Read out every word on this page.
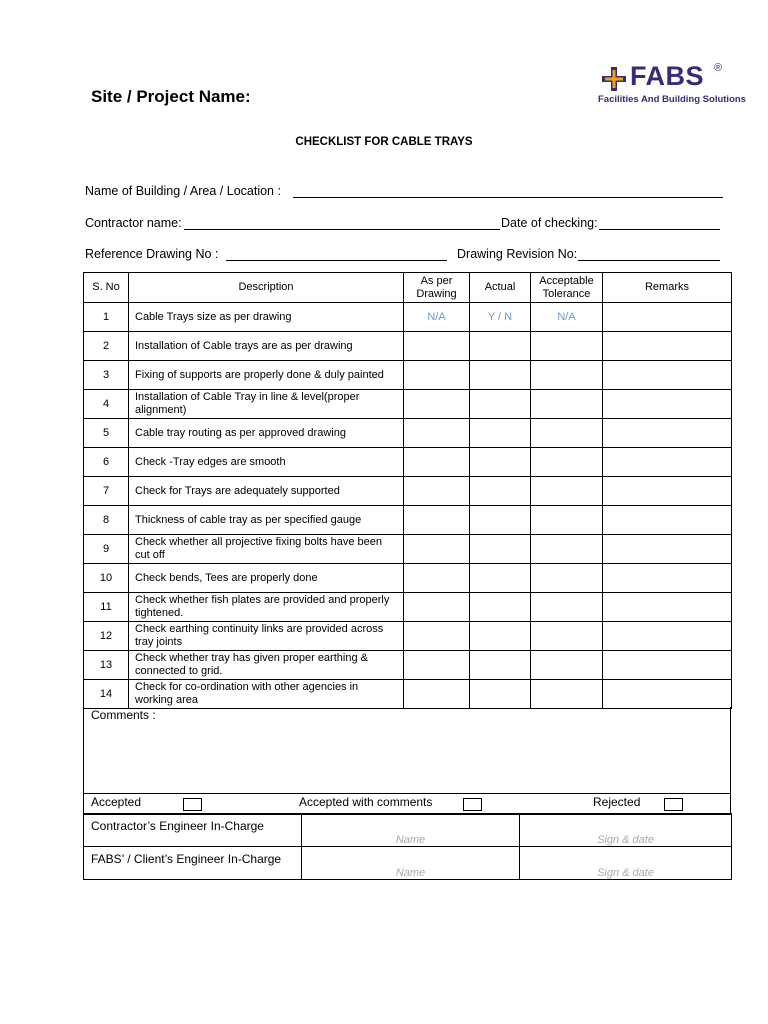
Site / Project Name:
FABS ®
Facilities And Building Solutions
CHECKLIST FOR CABLE TRAYS
Name of Building / Area / Location :
Contractor name:	Date of checking:
Reference Drawing No :	Drawing Revision No:
S. No	Description	As per Drawing	Actual	Acceptable Tolerance	Remarks
1	Cable Trays size as per drawing	N/A	Y / N	N/A	
2	Installation of Cable trays are as per drawing				
3	Fixing of supports are properly done & duly painted				
4	Installation of Cable Tray in line & level(proper alignment)				
5	Cable tray routing as per approved drawing				
6	Check -Tray edges are smooth				
7	Check for Trays are adequately supported				
8	Thickness of cable tray as per specified gauge				
9	Check whether all projective fixing bolts have been cut off				
10	Check bends, Tees are properly done				
11	Check whether fish plates are provided and properly tightened.				
12	Check earthing continuity links are provided across tray joints				
13	Check whether tray has given proper earthing & connected to grid.				
14	Check for co-ordination with other agencies in working area				
Comments :
Accepted	Accepted with comments	Rejected
Contractor’s Engineer In-Charge	Name	Sign & date
FABS’ / Client’s Engineer In-Charge	Name	Sign & date
